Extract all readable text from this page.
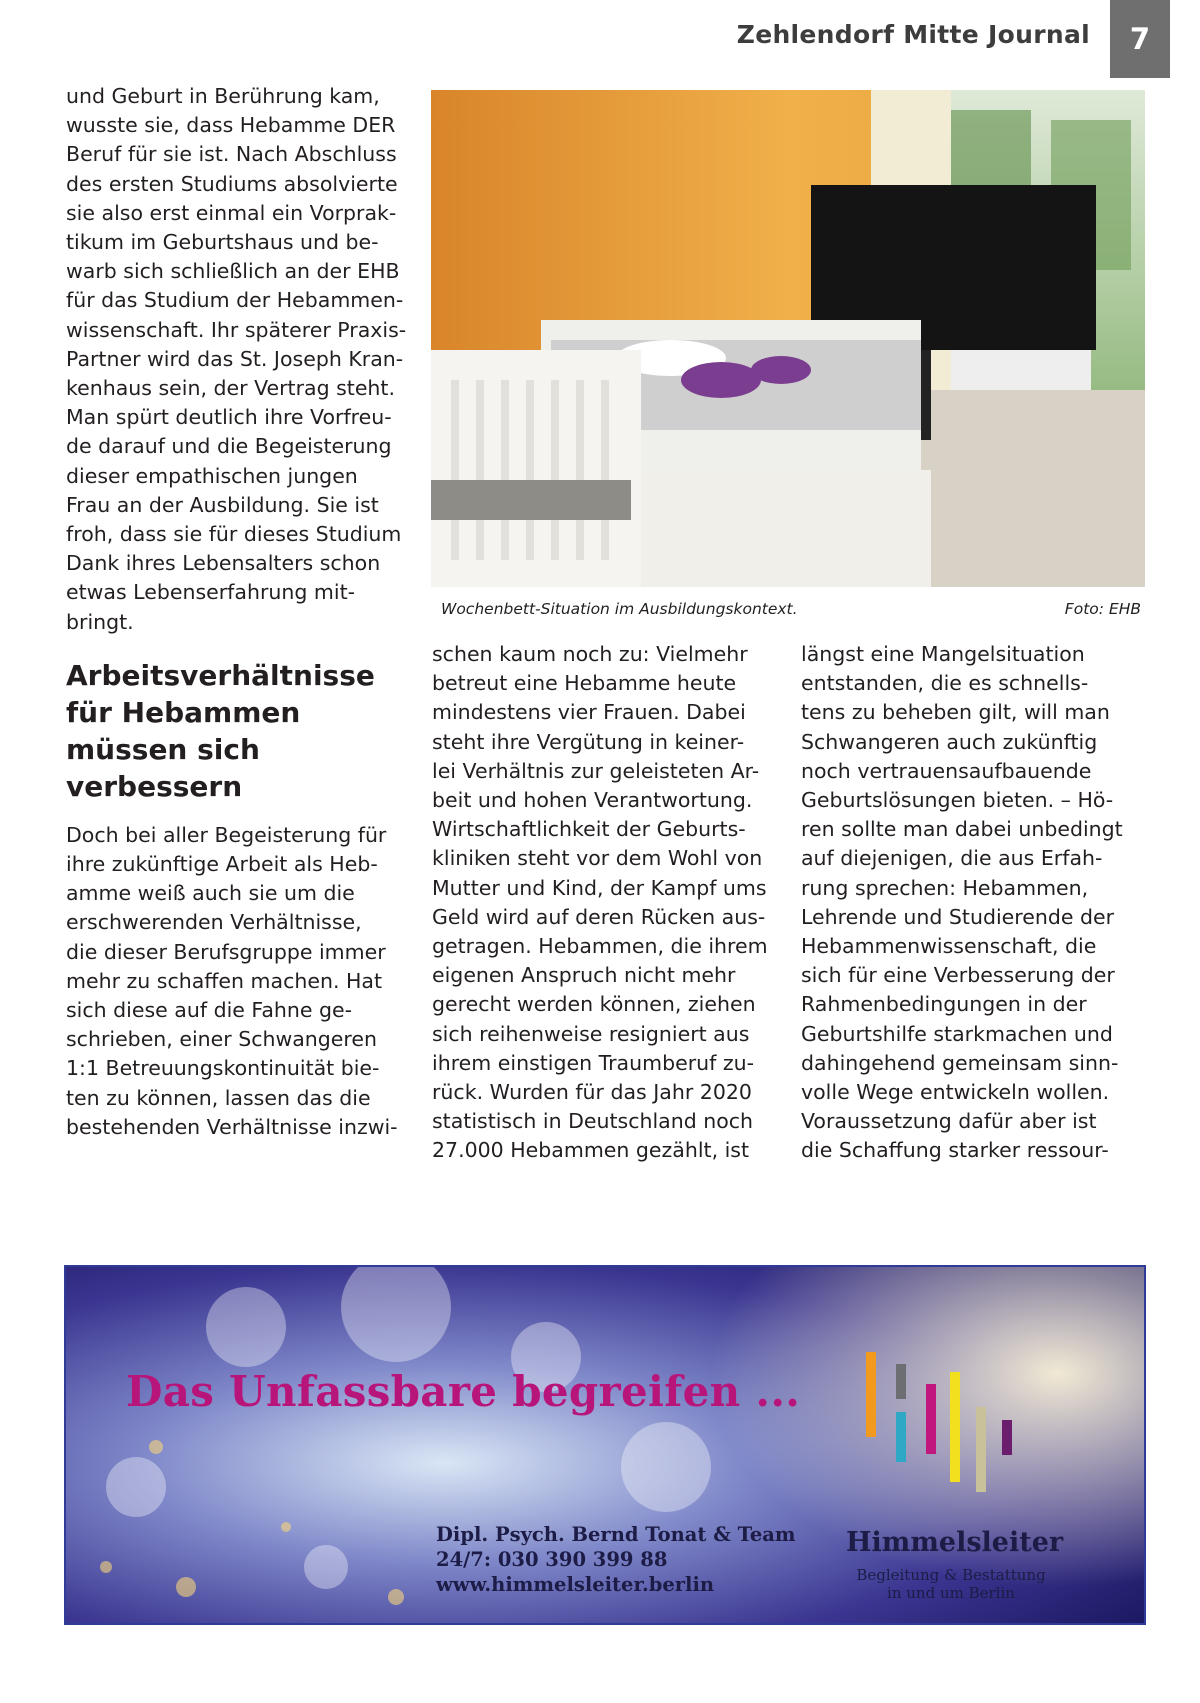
Zehlendorf Mitte Journal	7
und Geburt in Berührung kam,
wusste sie, dass Hebamme DER
Beruf für sie ist. Nach Abschluss
des ersten Studiums absolvierte
sie also erst einmal ein Vorprak-
tikum im Geburtshaus und be-
warb sich schließlich an der EHB
für das Studium der Hebammen-
wissenschaft. Ihr späterer Praxis-
Partner wird das St. Joseph Kran-
kenhaus sein, der Vertrag steht.
Man spürt deutlich ihre Vorfreu-
de darauf und die Begeisterung
dieser empathischen jungen
Frau an der Ausbildung. Sie ist
froh, dass sie für dieses Studium
Dank ihres Lebensalters schon
etwas Lebenserfahrung mit-
bringt.
Arbeitsverhältnisse für Hebammen müssen sich verbessern
Doch bei aller Begeisterung für
ihre zukünftige Arbeit als Heb-
amme weiß auch sie um die
erschwerenden Verhältnisse,
die dieser Berufsgruppe immer
mehr zu schaffen machen. Hat
sich diese auf die Fahne ge-
schrieben, einer Schwangeren
1:1 Betreuungskontinuität bie-
ten zu können, lassen das die
bestehenden Verhältnisse inzwi-
Wochenbett-Situation im Ausbildungskontext.	Foto: EHB
schen kaum noch zu: Vielmehr
betreut eine Hebamme heute
mindestens vier Frauen. Dabei
steht ihre Vergütung in keiner-
lei Verhältnis zur geleisteten Ar-
beit und hohen Verantwortung.
Wirtschaftlichkeit der Geburts-
kliniken steht vor dem Wohl von
Mutter und Kind, der Kampf ums
Geld wird auf deren Rücken aus-
getragen. Hebammen, die ihrem
eigenen Anspruch nicht mehr
gerecht werden können, ziehen
sich reihenweise resigniert aus
ihrem einstigen Traumberuf zu-
rück. Wurden für das Jahr 2020
statistisch in Deutschland noch
27.000 Hebammen gezählt, ist
längst eine Mangelsituation
entstanden, die es schnells-
tens zu beheben gilt, will man
Schwangeren auch zukünftig
noch vertrauensaufbauende
Geburtslösungen bieten. – Hö-
ren sollte man dabei unbedingt
auf diejenigen, die aus Erfah-
rung sprechen: Hebammen,
Lehrende und Studierende der
Hebammenwissenschaft, die
sich für eine Verbesserung der
Rahmenbedingungen in der
Geburtshilfe starkmachen und
dahingehend gemeinsam sinn-
volle Wege entwickeln wollen.
Voraussetzung dafür aber ist
die Schaffung starker ressour-
Das Unfassbare begreifen ...
Dipl. Psych. Bernd Tonat & Team
24/7: 030 390 399 88
www.himmelsleiter.berlin
Himmelsleiter
Begleitung & Bestattung
in und um Berlin
